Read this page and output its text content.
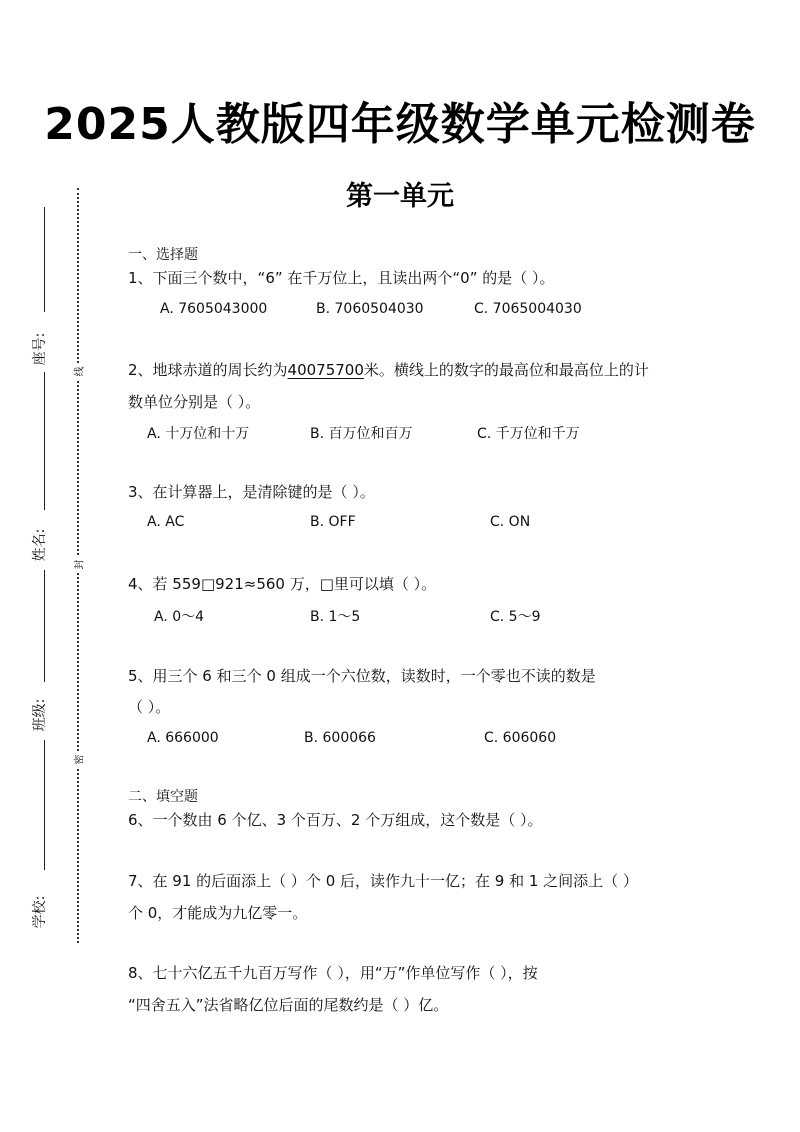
2025人教版四年级数学单元检测卷
第一单元
座号:
姓名:
班级:
学校:
线
封
密
一、选择题
1、下面三个数中，“6” 在千万位上，且读出两个“0” 的是（ ）。
A. 7605043000	B. 7060504030	C. 7065004030
2、地球赤道的周长约为40075700米。横线上的数字的最高位和最高位上的计
数单位分别是（ ）。
A. 十万位和十万	B. 百万位和百万	C. 千万位和千万
3、在计算器上，是清除键的是（ ）。
A. AC	B. OFF	C. ON
4、若 559□921≈560 万，□里可以填（ ）。
A. 0～4	B. 1～5	C. 5～9
5、用三个 6 和三个 0 组成一个六位数，读数时，一个零也不读的数是
（ ）。
A. 666000	B. 600066	C. 606060
二、填空题
6、一个数由 6 个亿、3 个百万、2 个万组成，这个数是（ ）。
7、在 91 的后面添上（ ）个 0 后，读作九十一亿；在 9 和 1 之间添上（ ）
个 0，才能成为九亿零一。
8、七十六亿五千九百万写作（ ），用“万”作单位写作（ ），按
“四舍五入”法省略亿位后面的尾数约是（ ）亿。
